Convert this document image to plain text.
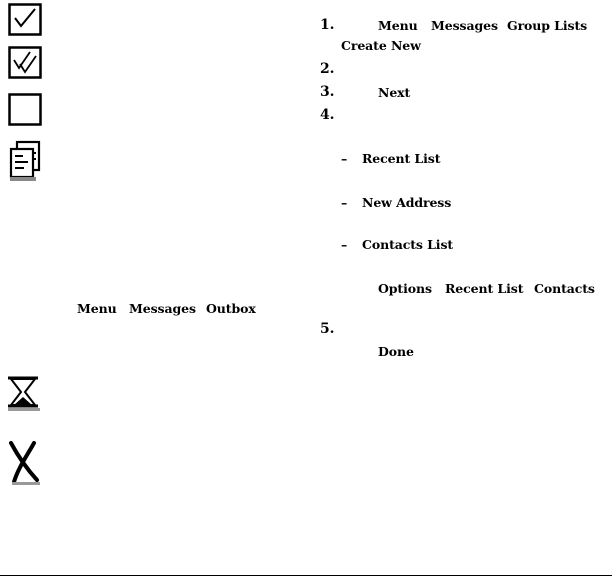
Menu Messages Outbox
1.	Menu Messages Group Lists
Create New
2.
3.	Next
4.
– Recent List
– New Address
– Contacts List
Options Recent List Contacts
5.
Done
